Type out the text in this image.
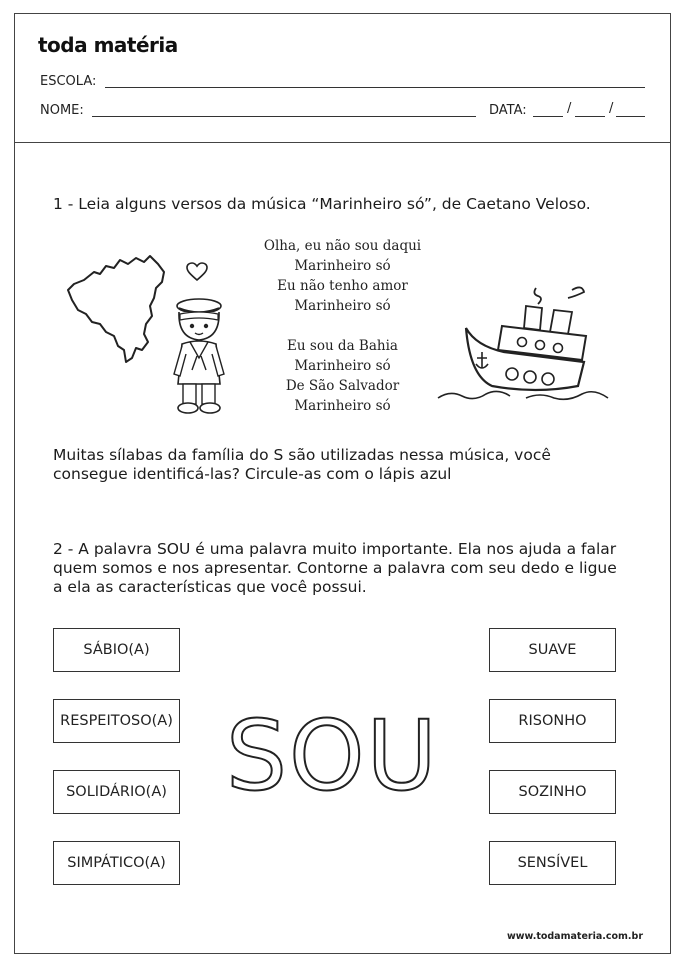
toda matéria
ESCOLA:
NOME:	DATA:	/	/
1 - Leia alguns versos da música “Marinheiro só”, de Caetano Veloso.
Olha, eu não sou daqui
Marinheiro só
Eu não tenho amor
Marinheiro só
Eu sou da Bahia
Marinheiro só
De São Salvador
Marinheiro só
Muitas sílabas da família do S são utilizadas nessa música, você consegue identificá-las? Circule-as com o lápis azul
2 - A palavra SOU é uma palavra muito importante. Ela nos ajuda a falar quem somos e nos apresentar. Contorne a palavra com seu dedo e ligue a ela as características que você possui.
SÁBIO(A)
RESPEITOSO(A)
SOLIDÁRIO(A)
SIMPÁTICO(A)
SUAVE
RISONHO
SOZINHO
SENSÍVEL
SOU
www.todamateria.com.br
